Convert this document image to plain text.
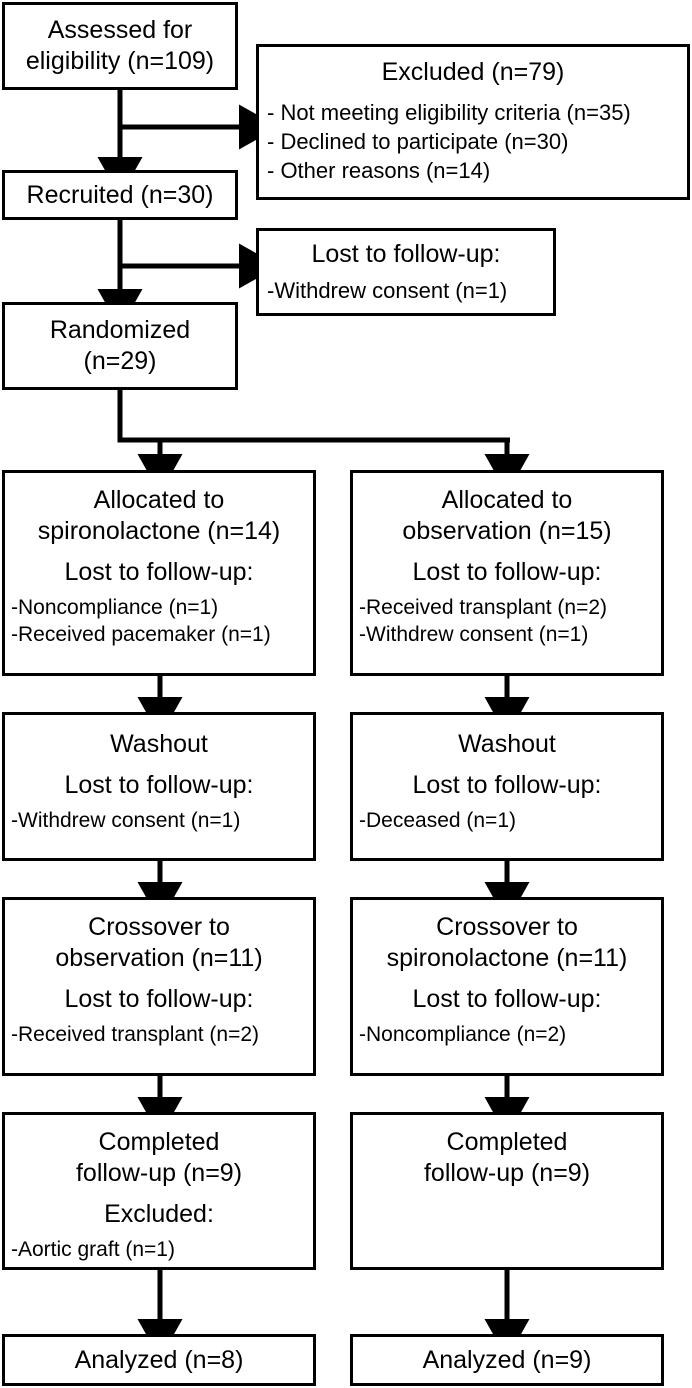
Assessed for
eligibility (n=109)	Excluded (n=79)
- Not meeting eligibility criteria (n=35)
- Declined to participate (n=30)
- Other reasons (n=14)
Recruited (n=30)
Lost to follow-up:
-Withdrew consent (n=1)
Randomized
(n=29)
Allocated to
spironolactone (n=14)
Lost to follow-up:
-Noncompliance (n=1)
-Received pacemaker (n=1)
Allocated to
observation (n=15)
Lost to follow-up:
-Received transplant (n=2)
-Withdrew consent (n=1)
Washout
Lost to follow-up:
-Withdrew consent (n=1)
Washout
Lost to follow-up:
-Deceased (n=1)
Crossover to
observation (n=11)
Lost to follow-up:
-Received transplant (n=2)
Crossover to
spironolactone (n=11)
Lost to follow-up:
-Noncompliance (n=2)
Completed
follow-up (n=9)
Excluded:
-Aortic graft (n=1)
Completed
follow-up (n=9)
Analyzed (n=8)	Analyzed (n=9)
